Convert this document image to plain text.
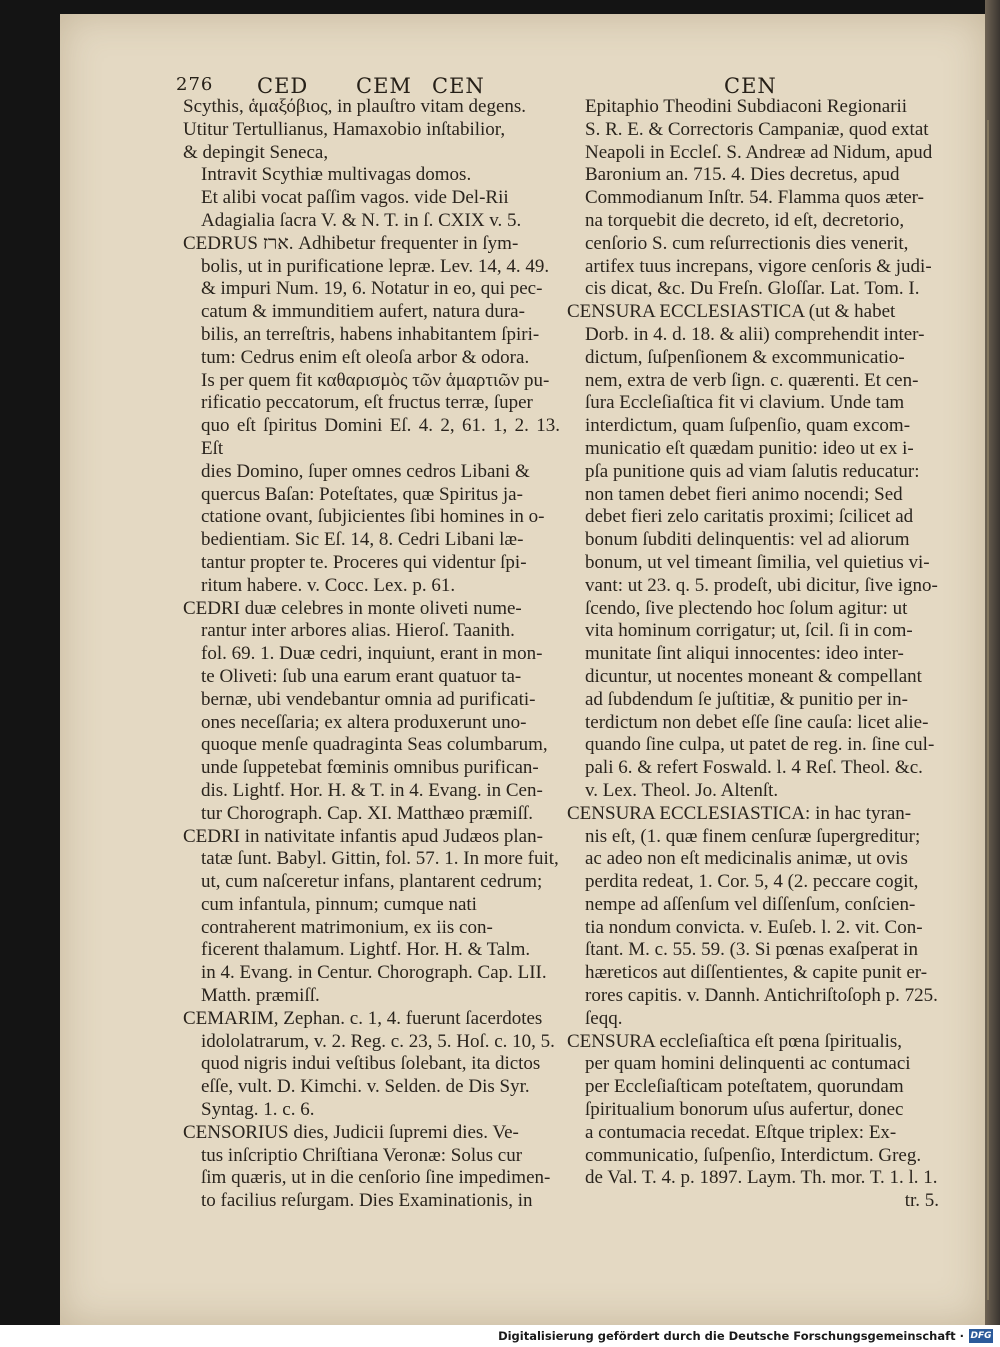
276 CED CEM CEN	CEN

Scythis, ἁμαξόβιος, in plauſtro vitam degens.

Utitur Tertullianus, Hamaxobio inſtabilior,

& depingit Seneca,

Intravit Scythiæ multivagas domos.

Et alibi vocat paſſim vagos. vide Del-Rii

Adagialia ſacra V. & N. T. in ſ. CXIX v. 5.

CEDRUS ארז. Adhibetur frequenter in ſym-

bolis, ut in purificatione lepræ. Lev. 14, 4. 49.

& impuri Num. 19, 6. Notatur in eo, qui pec-

catum & immunditiem aufert, natura dura-

bilis, an terreſtris, habens inhabitantem ſpiri-

tum: Cedrus enim eſt oleoſa arbor & odora.

Is per quem fit καθαρισμὸς τῶν ἁμαρτιῶν pu-

rificatio peccatorum, eſt fructus terræ, ſuper

quo eſt ſpiritus Domini Eſ. 4. 2, 61. 1, 2. 13. Eſt

dies Domino, ſuper omnes cedros Libani &

quercus Baſan: Poteſtates, quæ Spiritus ja-

ctatione ovant, ſubjicientes ſibi homines in o-

bedientiam. Sic Eſ. 14, 8. Cedri Libani læ-

tantur propter te. Proceres qui videntur ſpi-

ritum habere. v. Cocc. Lex. p. 61.

CEDRI duæ celebres in monte oliveti nume-

rantur inter arbores alias. Hieroſ. Taanith.

fol. 69. 1. Duæ cedri, inquiunt, erant in mon-

te Oliveti: ſub una earum erant quatuor ta-

bernæ, ubi vendebantur omnia ad purificati-

ones neceſſaria; ex altera produxerunt uno-

quoque menſe quadraginta Seas columbarum,

unde ſuppetebat fœminis omnibus purifican-

dis. Lightf. Hor. H. & T. in 4. Evang. in Cen-

tur Chorograph. Cap. XI. Matthæo præmiſſ.

CEDRI in nativitate infantis apud Judæos plan-

tatæ ſunt. Babyl. Gittin, fol. 57. 1. In more fuit,

ut, cum naſceretur infans, plantarent cedrum;

cum infantula, pinnum; cumque nati

contraherent matrimonium, ex iis con-

ficerent thalamum. Lightf. Hor. H. & Talm.

in 4. Evang. in Centur. Chorograph. Cap. LII.

Matth. præmiſſ.

CEMARIM, Zephan. c. 1, 4. fuerunt ſacerdotes

idololatrarum, v. 2. Reg. c. 23, 5. Hoſ. c. 10, 5.

quod nigris indui veſtibus ſolebant, ita dictos

eſſe, vult. D. Kimchi. v. Selden. de Dis Syr.

Syntag. 1. c. 6.

CENSORIUS dies, Judicii ſupremi dies. Ve-

tus inſcriptio Chriſtiana Veronæ: Solus cur

ſim quæris, ut in die cenſorio ſine impedimen-

to facilius reſurgam. Dies Examinationis, in

Epitaphio Theodini Subdiaconi Regionarii

S. R. E. & Correctoris Campaniæ, quod extat

Neapoli in Eccleſ. S. Andreæ ad Nidum, apud

Baronium an. 715. 4. Dies decretus, apud

Commodianum Inſtr. 54. Flamma quos æter-

na torquebit die decreto, id eſt, decretorio,

cenſorio S. cum reſurrectionis dies venerit,

artifex tuus increpans, vigore cenſoris & judi-

cis dicat, &c. Du Freſn. Gloſſar. Lat. Tom. I.

CENSURA ECCLESIASTICA (ut & habet

Dorb. in 4. d. 18. & alii) comprehendit inter-

dictum, ſuſpenſionem & excommunicatio-

nem, extra de verb ſign. c. quærenti. Et cen-

ſura Eccleſiaſtica fit vi clavium. Unde tam

interdictum, quam ſuſpenſio, quam excom-

municatio eſt quædam punitio: ideo ut ex i-

pſa punitione quis ad viam ſalutis reducatur:

non tamen debet fieri animo nocendi; Sed

debet fieri zelo caritatis proximi; ſcilicet ad

bonum ſubditi delinquentis: vel ad aliorum

bonum, ut vel timeant ſimilia, vel quietius vi-

vant: ut 23. q. 5. prodeſt, ubi dicitur, ſive igno-

ſcendo, ſive plectendo hoc ſolum agitur: ut

vita hominum corrigatur; ut, ſcil. ſi in com-

munitate ſint aliqui innocentes: ideo inter-

dicuntur, ut nocentes moneant & compellant

ad ſubdendum ſe juſtitiæ, & punitio per in-

terdictum non debet eſſe ſine cauſa: licet alie-

quando ſine culpa, ut patet de reg. in. ſine cul-

pali 6. & refert Foswald. l. 4 Reſ. Theol. &c.

v. Lex. Theol. Jo. Altenſt.

CENSURA ECCLESIASTICA: in hac tyran-

nis eſt, (1. quæ finem cenſuræ ſupergreditur;

ac adeo non eſt medicinalis animæ, ut ovis

perdita redeat, 1. Cor. 5, 4 (2. peccare cogit,

nempe ad aſſenſum vel diſſenſum, conſcien-

tia nondum convicta. v. Euſeb. l. 2. vit. Con-

ſtant. M. c. 55. 59. (3. Si pœnas exaſperat in

hæreticos aut diſſentientes, & capite punit er-

rores capitis. v. Dannh. Antichriſtoſoph p. 725.

ſeqq.

CENSURA eccleſiaſtica eſt pœna ſpiritualis,

per quam homini delinquenti ac contumaci

per Eccleſiaſticam poteſtatem, quorundam

ſpiritualium bonorum uſus aufertur, donec

a contumacia recedat. Eſtque triplex: Ex-

communicatio, ſuſpenſio, Interdictum. Greg.

de Val. T. 4. p. 1897. Laym. Th. mor. T. 1. l. 1.

tr. 5.

Digitalisierung gefördert durch die Deutsche Forschungsgemeinschaft · DFG
